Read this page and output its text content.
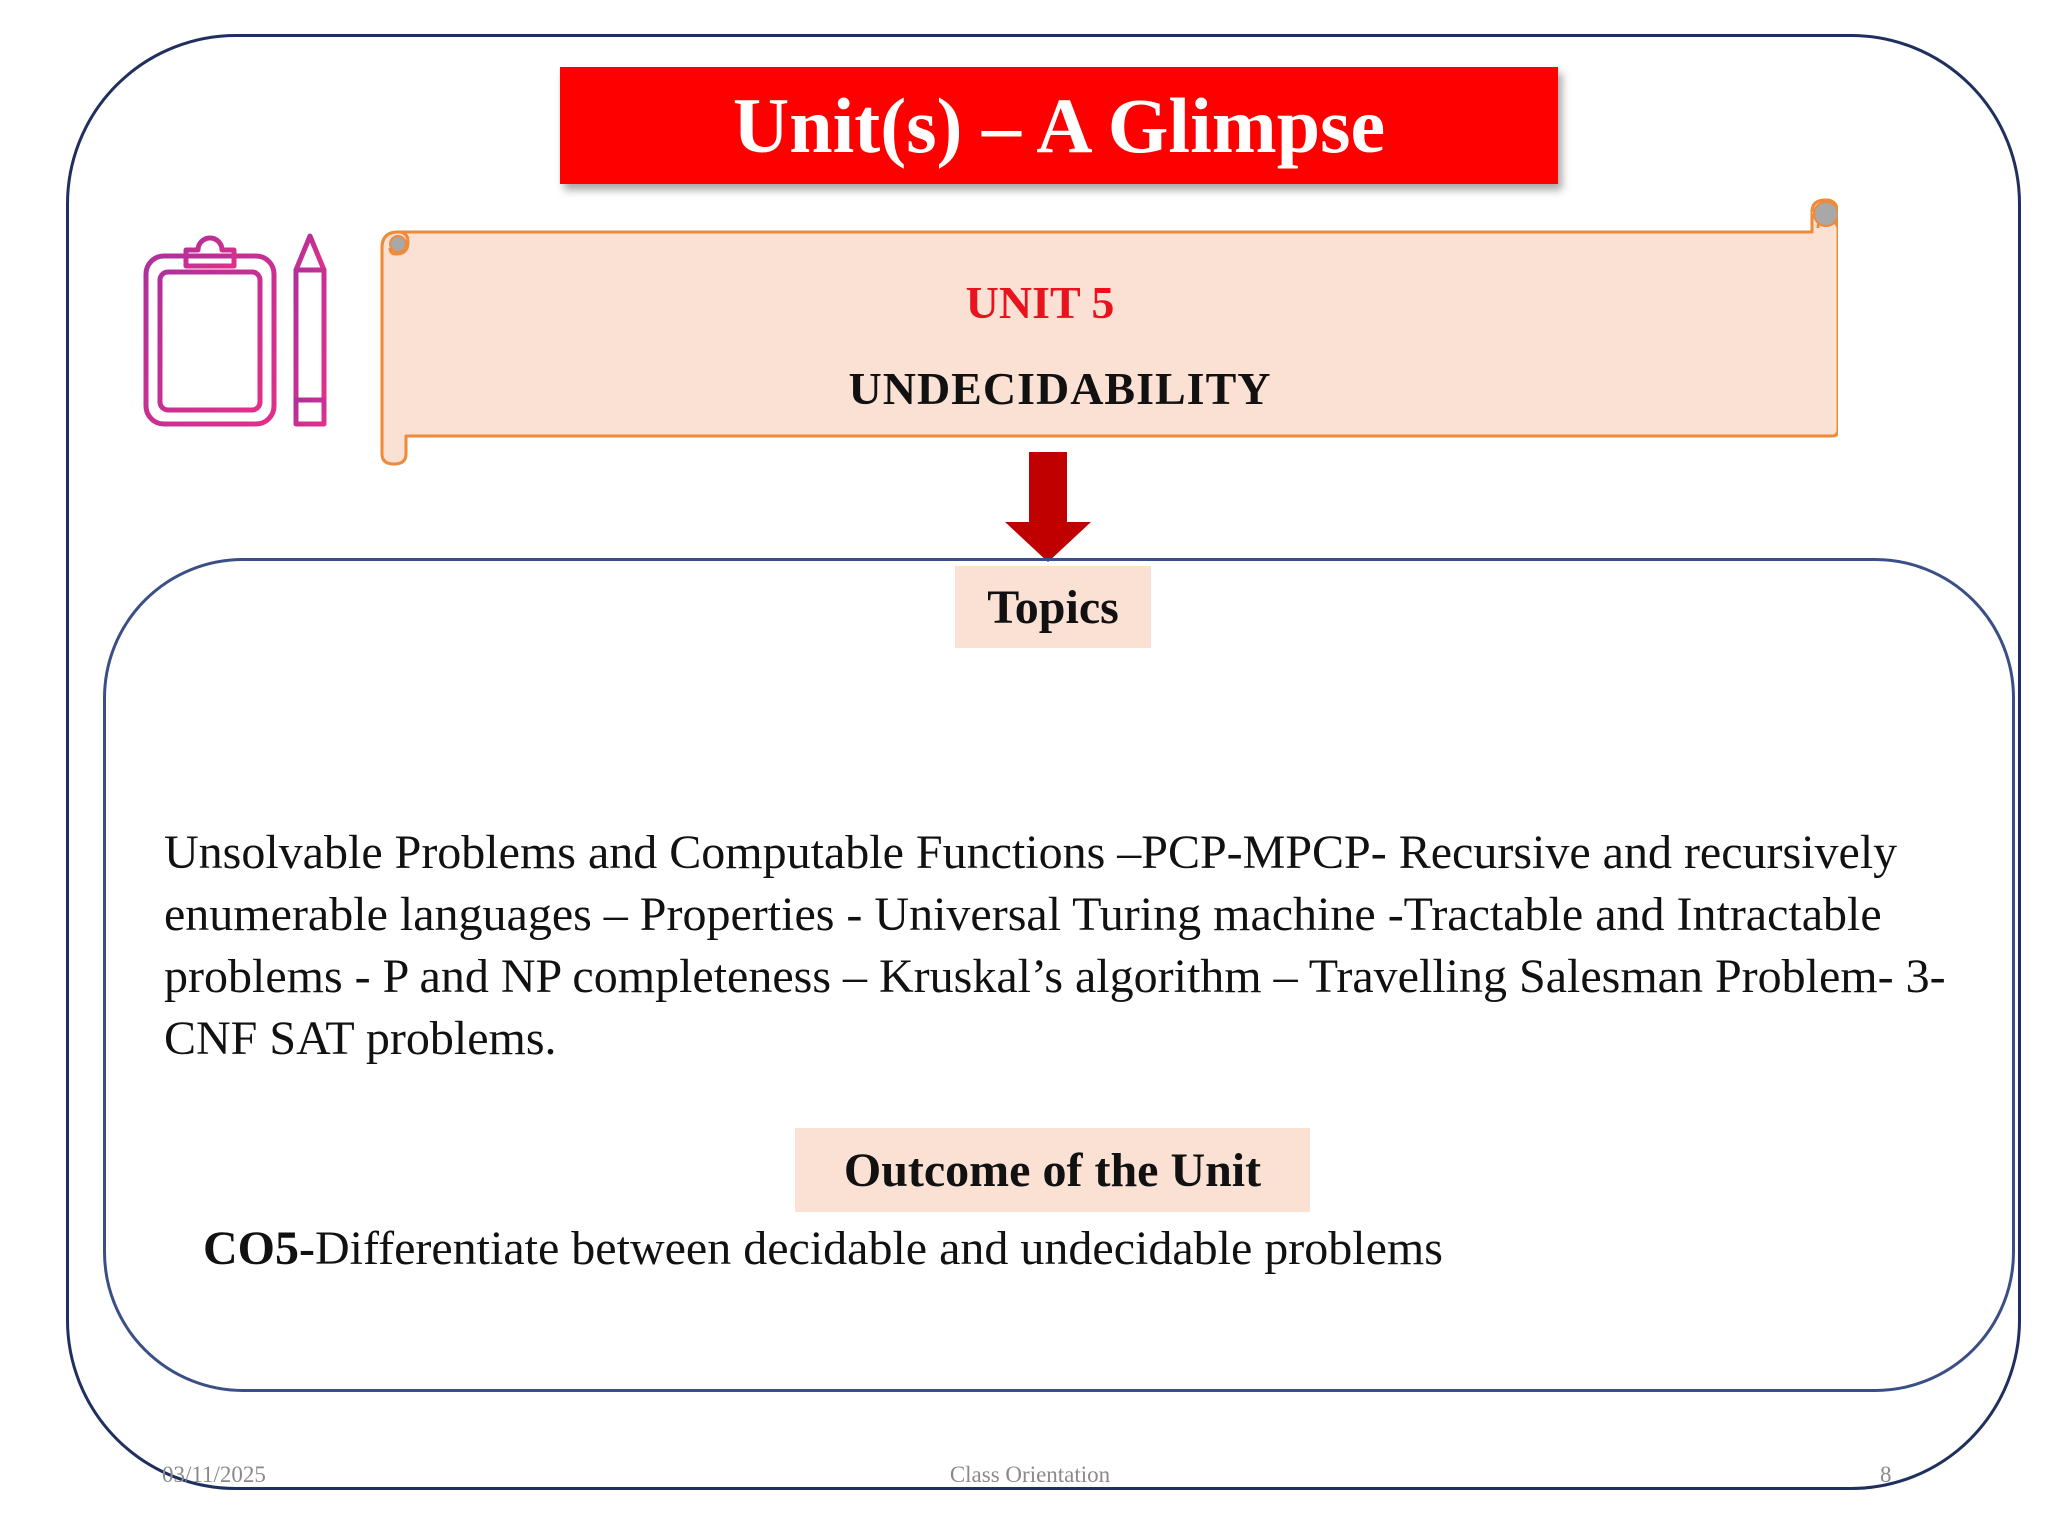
Unit(s) – A Glimpse
UNIT 5
UNDECIDABILITY
Topics
Unsolvable Problems and Computable Functions –PCP-MPCP- Recursive and recursively enumerable languages – Properties - Universal Turing machine -Tractable and Intractable problems - P and NP completeness – Kruskal’s algorithm – Travelling Salesman Problem- 3-CNF SAT problems.
Outcome of the Unit
CO5-Differentiate between decidable and undecidable problems
03/11/2025	Class Orientation	8
